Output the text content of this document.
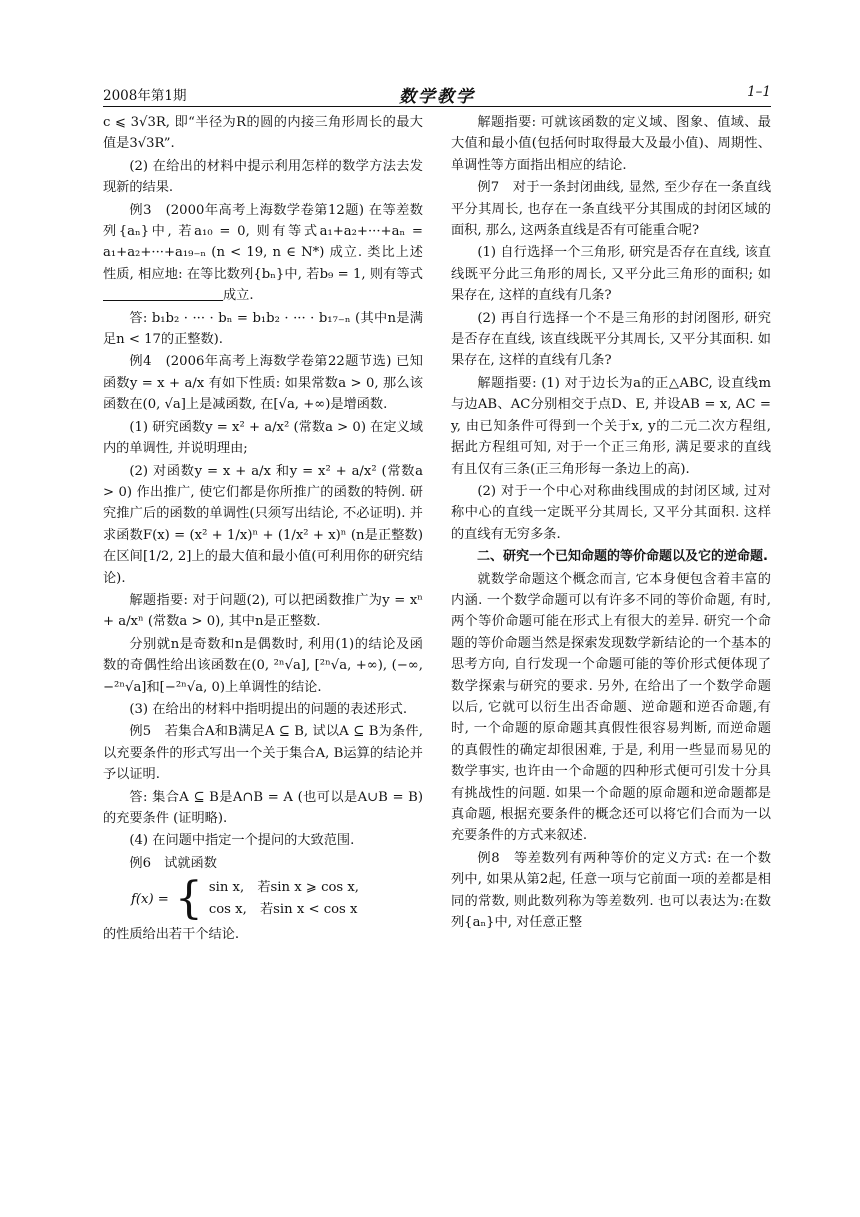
2008年第1期	数学教学	1–1

c ⩽ 3√3R, 即“半径为R的圆的内接三角形周长的最大值是3√3R”.

(2) 在给出的材料中提示利用怎样的数学方法去发现新的结果.

例3　(2000年高考上海数学卷第12题) 在等差数列{aₙ}中, 若a₁₀ = 0, 则有等式a₁+a₂+···+aₙ = a₁+a₂+···+a₁₉₋ₙ (n < 19, n ∈ N*) 成立. 类比上述性质, 相应地: 在等比数列{bₙ}中, 若b₉ = 1, 则有等式成立.

答: b₁b₂ · ··· · bₙ = b₁b₂ · ··· · b₁₇₋ₙ (其中n是满足n < 17的正整数).

例4　(2006年高考上海数学卷第22题节选) 已知函数y = x + a/x 有如下性质: 如果常数a > 0, 那么该函数在(0, √a]上是减函数, 在[√a, +∞)是增函数.

(1) 研究函数y = x² + a/x² (常数a > 0) 在定义域内的单调性, 并说明理由;

(2) 对函数y = x + a/x 和y = x² + a/x² (常数a > 0) 作出推广, 使它们都是你所推广的函数的特例. 研究推广后的函数的单调性(只须写出结论, 不必证明). 并求函数F(x) = (x² + 1/x)ⁿ + (1/x² + x)ⁿ (n是正整数) 在区间[1/2, 2]上的最大值和最小值(可利用你的研究结论).

解题指要: 对于问题(2), 可以把函数推广为y = xⁿ + a/xⁿ (常数a > 0), 其中n是正整数.

分别就n是奇数和n是偶数时, 利用(1)的结论及函数的奇偶性给出该函数在(0, ²ⁿ√a], [²ⁿ√a, +∞), (−∞, −²ⁿ√a]和[−²ⁿ√a, 0)上单调性的结论.

(3) 在给出的材料中指明提出的问题的表述形式.

例5　若集合A和B满足A ⊆ B, 试以A ⊆ B为条件, 以充要条件的形式写出一个关于集合A, B运算的结论并予以证明.

答: 集合A ⊆ B是A∩B = A (也可以是A∪B = B) 的充要条件 (证明略).

(4) 在问题中指定一个提问的大致范围.

例6　试就函数

f(x) = { sin x,　若sin x ⩾ cos x,
cos x,　若sin x < cos x

的性质给出若干个结论.

解题指要: 可就该函数的定义域、图象、值域、最大值和最小值(包括何时取得最大及最小值)、周期性、单调性等方面指出相应的结论.

例7　对于一条封闭曲线, 显然, 至少存在一条直线平分其周长, 也存在一条直线平分其围成的封闭区域的面积, 那么, 这两条直线是否有可能重合呢?

(1) 自行选择一个三角形, 研究是否存在直线, 该直线既平分此三角形的周长, 又平分此三角形的面积; 如果存在, 这样的直线有几条?

(2) 再自行选择一个不是三角形的封闭图形, 研究是否存在直线, 该直线既平分其周长, 又平分其面积. 如果存在, 这样的直线有几条?

解题指要: (1) 对于边长为a的正△ABC, 设直线m与边AB、AC分别相交于点D、E, 并设AB = x, AC = y, 由已知条件可得到一个关于x, y的二元二次方程组, 据此方程组可知, 对于一个正三角形, 满足要求的直线有且仅有三条(正三角形每一条边上的高).

(2) 对于一个中心对称曲线围成的封闭区域, 过对称中心的直线一定既平分其周长, 又平分其面积. 这样的直线有无穷多条.

二、研究一个已知命题的等价命题以及它的逆命题.

就数学命题这个概念而言, 它本身便包含着丰富的内涵. 一个数学命题可以有许多不同的等价命题, 有时, 两个等价命题可能在形式上有很大的差异. 研究一个命题的等价命题当然是探索发现数学新结论的一个基本的思考方向, 自行发现一个命题可能的等价形式便体现了数学探索与研究的要求. 另外, 在给出了一个数学命题以后, 它就可以衍生出否命题、逆命题和逆否命题,有时, 一个命题的原命题其真假性很容易判断, 而逆命题的真假性的确定却很困难, 于是, 利用一些显而易见的数学事实, 也许由一个命题的四种形式便可引发十分具有挑战性的问题. 如果一个命题的原命题和逆命题都是真命题, 根据充要条件的概念还可以将它们合而为一以充要条件的方式来叙述.

例8　等差数列有两种等价的定义方式: 在一个数列中, 如果从第2起, 任意一项与它前面一项的差都是相同的常数, 则此数列称为等差数列. 也可以表达为:在数列{aₙ}中, 对任意正整
